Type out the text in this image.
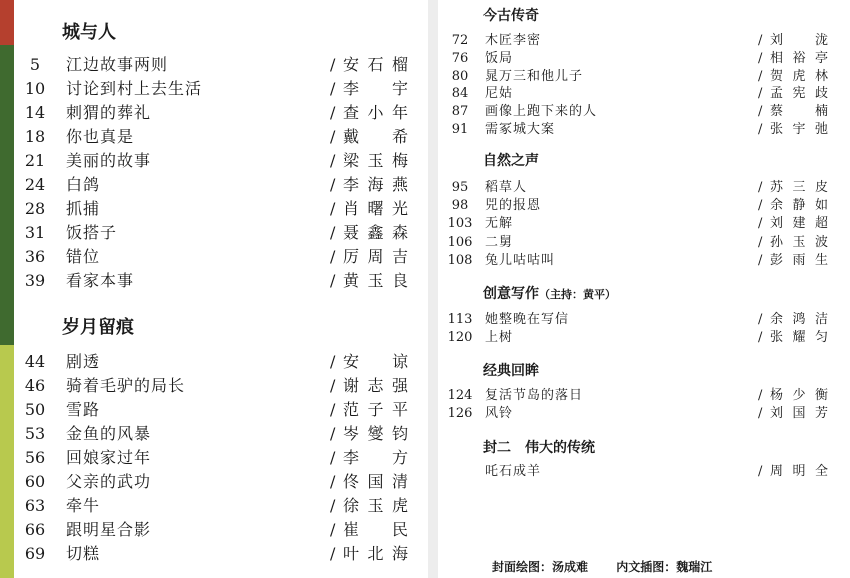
城与人
5	江边故事两则	/ 安石榴
10	讨论到村上去生活	/ 李宇
14	刺猬的葬礼	/ 查小年
18	你也真是	/ 戴希
21	美丽的故事	/ 梁玉梅
24	白鸽	/ 李海燕
28	抓捕	/ 肖曙光
31	饭搭子	/ 聂鑫森
36	错位	/ 厉周吉
39	看家本事	/ 黄玉良
岁月留痕
44	剧透	/ 安谅
46	骑着毛驴的局长	/ 谢志强
50	雪路	/ 范子平
53	金鱼的风暴	/ 岑燮钧
56	回娘家过年	/ 李方
60	父亲的武功	/ 佟国清
63	牵牛	/ 徐玉虎
66	跟明星合影	/ 崔民
69	切糕	/ 叶北海
今古传奇
72	木匠李密	/ 刘泷
76	饭局	/ 相裕亭
80	晁万三和他儿子	/ 贺虎林
84	尼姑	/ 孟宪歧
87	画像上跑下来的人	/ 蔡楠
91	需冢城大案	/ 张宇弛
自然之声
95	稻草人	/ 苏三皮
98	兕的报恩	/ 余静如
103 无解	/ 刘建超
106 二舅	/ 孙玉波
108 兔儿咕咕叫	/ 彭雨生
创意写作（主持：黄平）
113 她整晚在写信	/ 余鸿洁
120 上树	/ 张耀匀
经典回眸
124 复活节岛的落日	/ 杨少衡
126 风铃	/ 刘国芳
封二　伟大的传统
吒石成羊	/ 周明全
封面绘图：汤成难 内文插图：魏瑞江
